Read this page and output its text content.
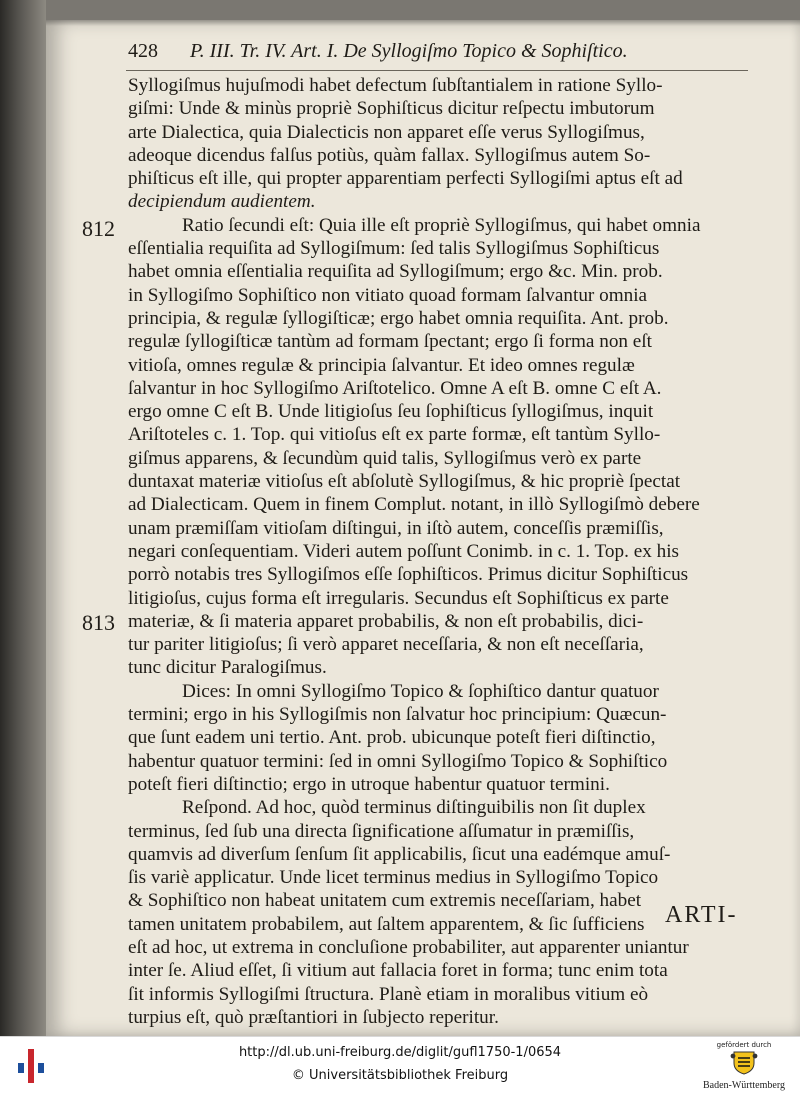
428 P. III. Tr. IV. Art. I. De Syllogiſmo Topico & Sophiſtico.
812
813
Syllogiſmus hujuſmodi habet defectum ſubſtantialem in ratione Syllo-
giſmi: Unde & minùs propriè Sophiſticus dicitur reſpectu imbutorum
arte Dialectica, quia Dialecticis non apparet eſſe verus Syllogiſmus,
adeoque dicendus falſus potiùs, quàm fallax. Syllogiſmus autem So-
phiſticus eſt ille, qui propter apparentiam perfecti Syllogiſmi aptus eſt ad
decipiendum audientem.
Ratio ſecundi eſt: Quia ille eſt propriè Syllogiſmus, qui habet omnia
eſſentialia requiſita ad Syllogiſmum: ſed talis Syllogiſmus Sophiſticus
habet omnia eſſentialia requiſita ad Syllogiſmum; ergo &c. Min. prob.
in Syllogiſmo Sophiſtico non vitiato quoad formam ſalvantur omnia
principia, & regulæ ſyllogiſticæ; ergo habet omnia requiſita. Ant. prob.
regulæ ſyllogiſticæ tantùm ad formam ſpectant; ergo ſi forma non eſt
vitioſa, omnes regulæ & principia ſalvantur. Et ideo omnes regulæ
ſalvantur in hoc Syllogiſmo Ariſtotelico. Omne A eſt B. omne C eſt A.
ergo omne C eſt B. Unde litigioſus ſeu ſophiſticus ſyllogiſmus, inquit
Ariſtoteles c. 1. Top. qui vitioſus eſt ex parte formæ, eſt tantùm Syllo-
giſmus apparens, & ſecundùm quid talis, Syllogiſmus verò ex parte
duntaxat materiæ vitioſus eſt abſolutè Syllogiſmus, & hic propriè ſpectat
ad Dialecticam. Quem in finem Complut. notant, in illò Syllogiſmò debere
unam præmiſſam vitioſam diſtingui, in iſtò autem, conceſſis præmiſſis,
negari conſequentiam. Videri autem poſſunt Conimb. in c. 1. Top. ex his
porrò notabis tres Syllogiſmos eſſe ſophiſticos. Primus dicitur Sophiſticus
litigioſus, cujus forma eſt irregularis. Secundus eſt Sophiſticus ex parte
materiæ, & ſi materia apparet probabilis, & non eſt probabilis, dici-
tur pariter litigioſus; ſi verò apparet neceſſaria, & non eſt neceſſaria,
tunc dicitur Paralogiſmus.
Dices: In omni Syllogiſmo Topico & ſophiſtico dantur quatuor
termini; ergo in his Syllogiſmis non ſalvatur hoc principium: Quæcun-
que ſunt eadem uni tertio. Ant. prob. ubicunque poteſt fieri diſtinctio,
habentur quatuor termini: ſed in omni Syllogiſmo Topico & Sophiſtico
poteſt fieri diſtinctio; ergo in utroque habentur quatuor termini.
Reſpond. Ad hoc, quòd terminus diſtinguibilis non ſit duplex
terminus, ſed ſub una directa ſignificatione aſſumatur in præmiſſis,
quamvis ad diverſum ſenſum ſit applicabilis, ſicut una eadémque amuſ-
ſis variè applicatur. Unde licet terminus medius in Syllogiſmo Topico
& Sophiſtico non habeat unitatem cum extremis neceſſariam, habet
tamen unitatem probabilem, aut ſaltem apparentem, & ſic ſufficiens
eſt ad hoc, ut extrema in concluſione probabiliter, aut apparenter uniantur
inter ſe. Aliud eſſet, ſi vitium aut fallacia foret in forma; tunc enim tota
ſit informis Syllogiſmi ſtructura. Planè etiam in moralibus vitium eò
turpius eſt, quò præſtantiori in ſubjecto reperitur.
ARTI-
http://dl.ub.uni-freiburg.de/diglit/gufl1750-1/0654
© Universitätsbibliothek Freiburg
gefördert durch
Baden-Württemberg
